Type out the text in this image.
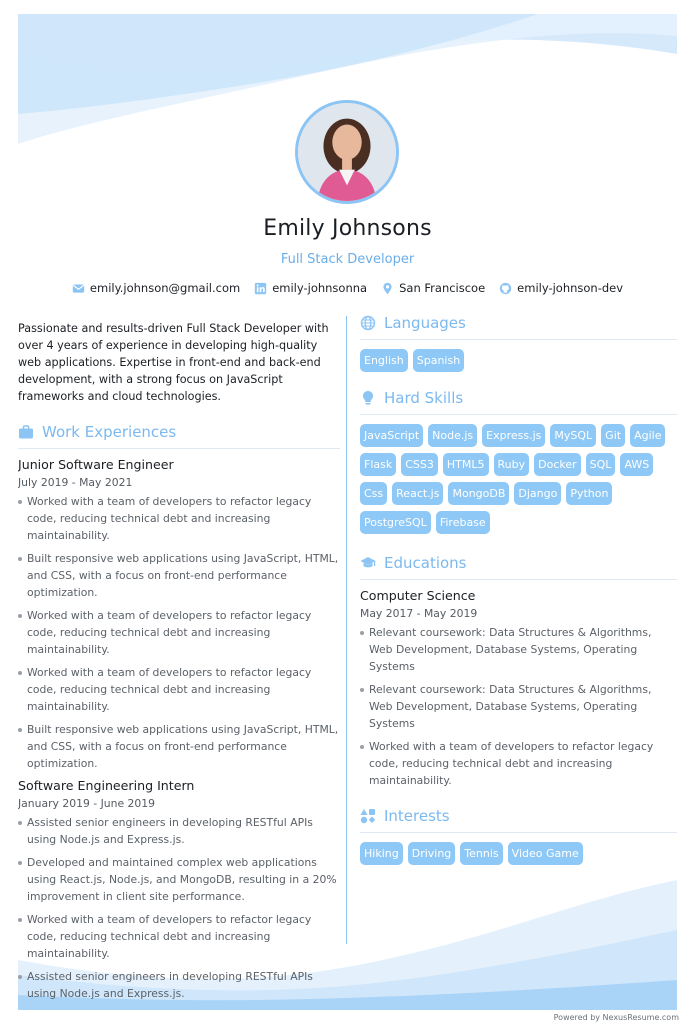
Emily Johnsons
Full Stack Developer
emily.johnson@gmail.com	emily-johnsonna	San Franciscoe	emily-johnson-dev

Passionate and results-driven Full Stack Developer with over 4 years of experience in developing high-quality web applications. Expertise in front-end and back-end development, with a strong focus on JavaScript frameworks and cloud technologies.

Work Experiences
Junior Software Engineer
July 2019 - May 2021
Worked with a team of developers to refactor legacy code, reducing technical debt and increasing maintainability.
Built responsive web applications using JavaScript, HTML, and CSS, with a focus on front-end performance optimization.
Worked with a team of developers to refactor legacy code, reducing technical debt and increasing maintainability.
Worked with a team of developers to refactor legacy code, reducing technical debt and increasing maintainability.
Built responsive web applications using JavaScript, HTML, and CSS, with a focus on front-end performance optimization.
Software Engineering Intern
January 2019 - June 2019
Assisted senior engineers in developing RESTful APIs using Node.js and Express.js.
Developed and maintained complex web applications using React.js, Node.js, and MongoDB, resulting in a 20% improvement in client site performance.
Worked with a team of developers to refactor legacy code, reducing technical debt and increasing maintainability.
Assisted senior engineers in developing RESTful APIs using Node.js and Express.js.
Languages
English	Spanish
Hard Skills
JavaScript	Node.js	Express.js	MySQL	Git	Agile
Flask	CSS3	HTML5	Ruby	Docker	SQL	AWS
Css	React.js	MongoDB	Django	Python
PostgreSQL	Firebase
Educations
Computer Science
May 2017 - May 2019
Relevant coursework: Data Structures & Algorithms, Web Development, Database Systems, Operating Systems
Relevant coursework: Data Structures & Algorithms, Web Development, Database Systems, Operating Systems
Worked with a team of developers to refactor legacy code, reducing technical debt and increasing maintainability.
Interests
Hiking	Driving	Tennis	Video Game
Powered by NexusResume.com
